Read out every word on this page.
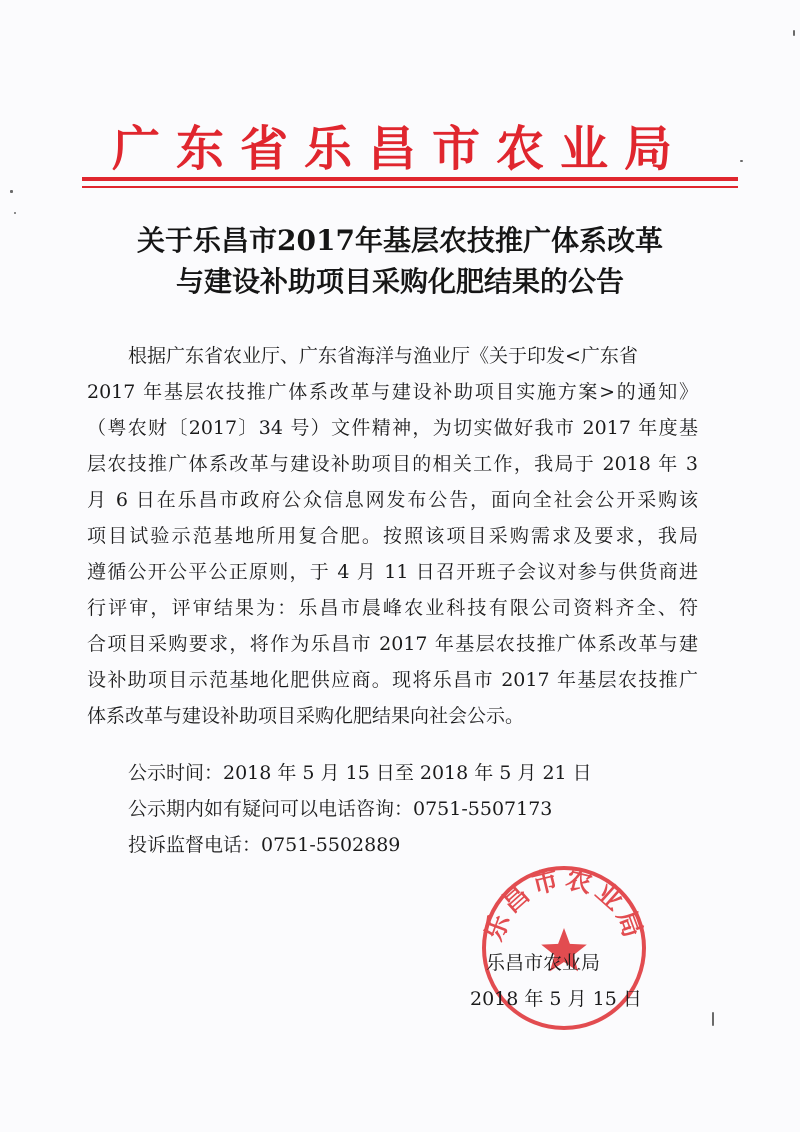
广东省乐昌市农业局
关于乐昌市2017年基层农技推广体系改革
与建设补助项目采购化肥结果的公告
根据广东省农业厅、广东省海洋与渔业厅《关于印发<广东省
2017 年基层农技推广体系改革与建设补助项目实施方案>的通知》
（粤农财〔2017〕34 号）文件精神，为切实做好我市 2017 年度基
层农技推广体系改革与建设补助项目的相关工作，我局于 2018 年 3
月 6 日在乐昌市政府公众信息网发布公告，面向全社会公开采购该
项目试验示范基地所用复合肥。按照该项目采购需求及要求，我局
遵循公开公平公正原则，于 4 月 11 日召开班子会议对参与供货商进
行评审，评审结果为：乐昌市晨峰农业科技有限公司资料齐全、符
合项目采购要求，将作为乐昌市 2017 年基层农技推广体系改革与建
设补助项目示范基地化肥供应商。现将乐昌市 2017 年基层农技推广
体系改革与建设补助项目采购化肥结果向社会公示。
公示时间：2018 年 5 月 15 日至 2018 年 5 月 21 日
公示期内如有疑问可以电话咨询：0751-5507173
投诉监督电话：0751-5502889
乐昌市农业局
乐昌市农业局
2018 年 5 月 15 日
